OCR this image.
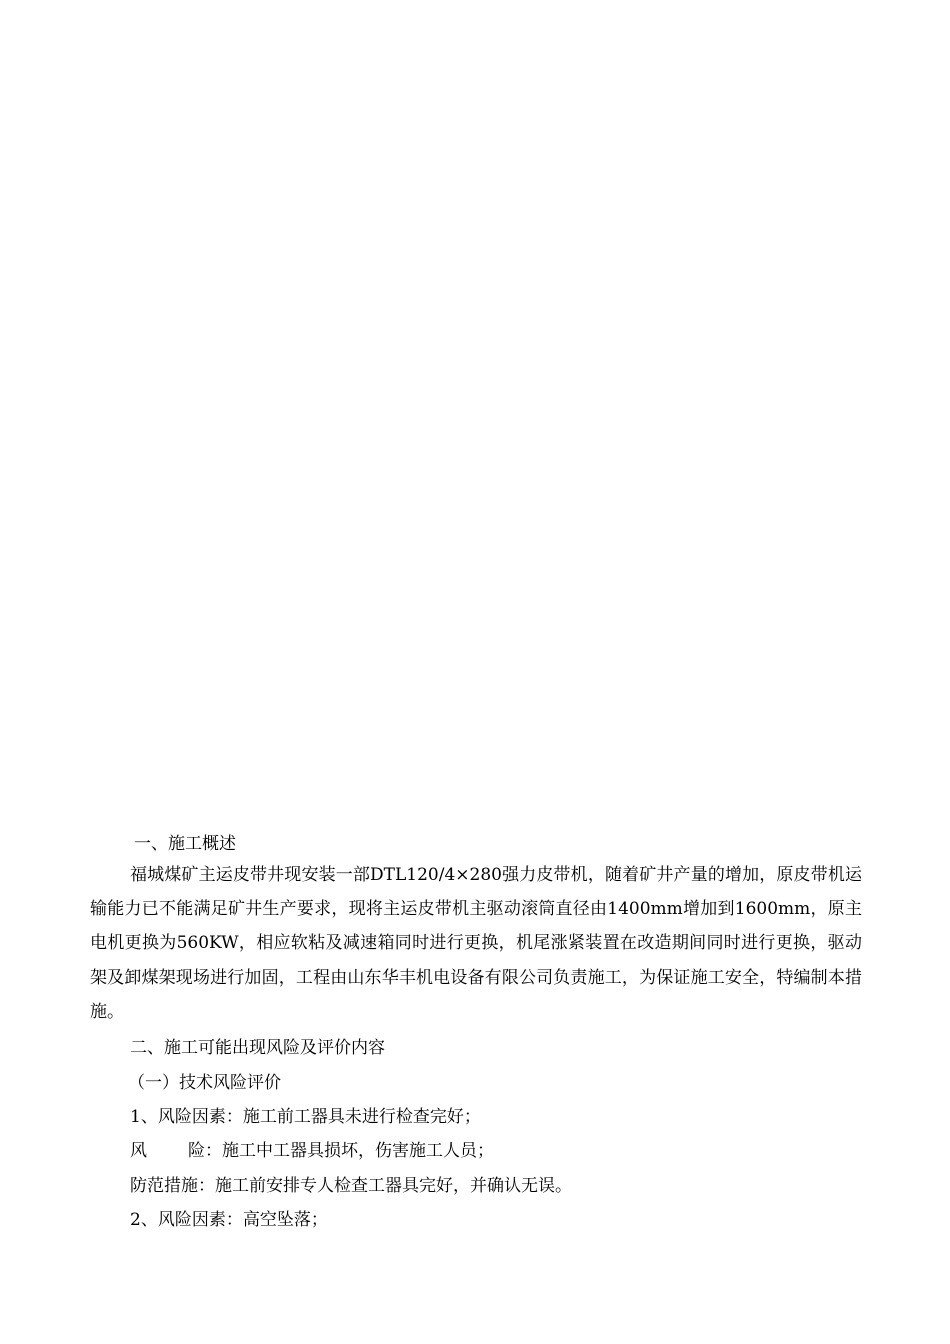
一、施工概述
福城煤矿主运皮带井现安装一部DTL120/4×280强力皮带机，随着矿井产量的增加，原皮带机运输能力已不能满足矿井生产要求，现将主运皮带机主驱动滚筒直径由1400mm增加到1600mm，原主电机更换为560KW，相应软粘及减速箱同时进行更换，机尾涨紧装置在改造期间同时进行更换，驱动架及卸煤架现场进行加固，工程由山东华丰机电设备有限公司负责施工，为保证施工安全，特编制本措施。
二、施工可能出现风险及评价内容
（一）技术风险评价
1、风险因素：施工前工器具未进行检查完好；
风 险：施工中工器具损坏，伤害施工人员；
防范措施：施工前安排专人检查工器具完好，并确认无误。
2、风险因素：高空坠落；
